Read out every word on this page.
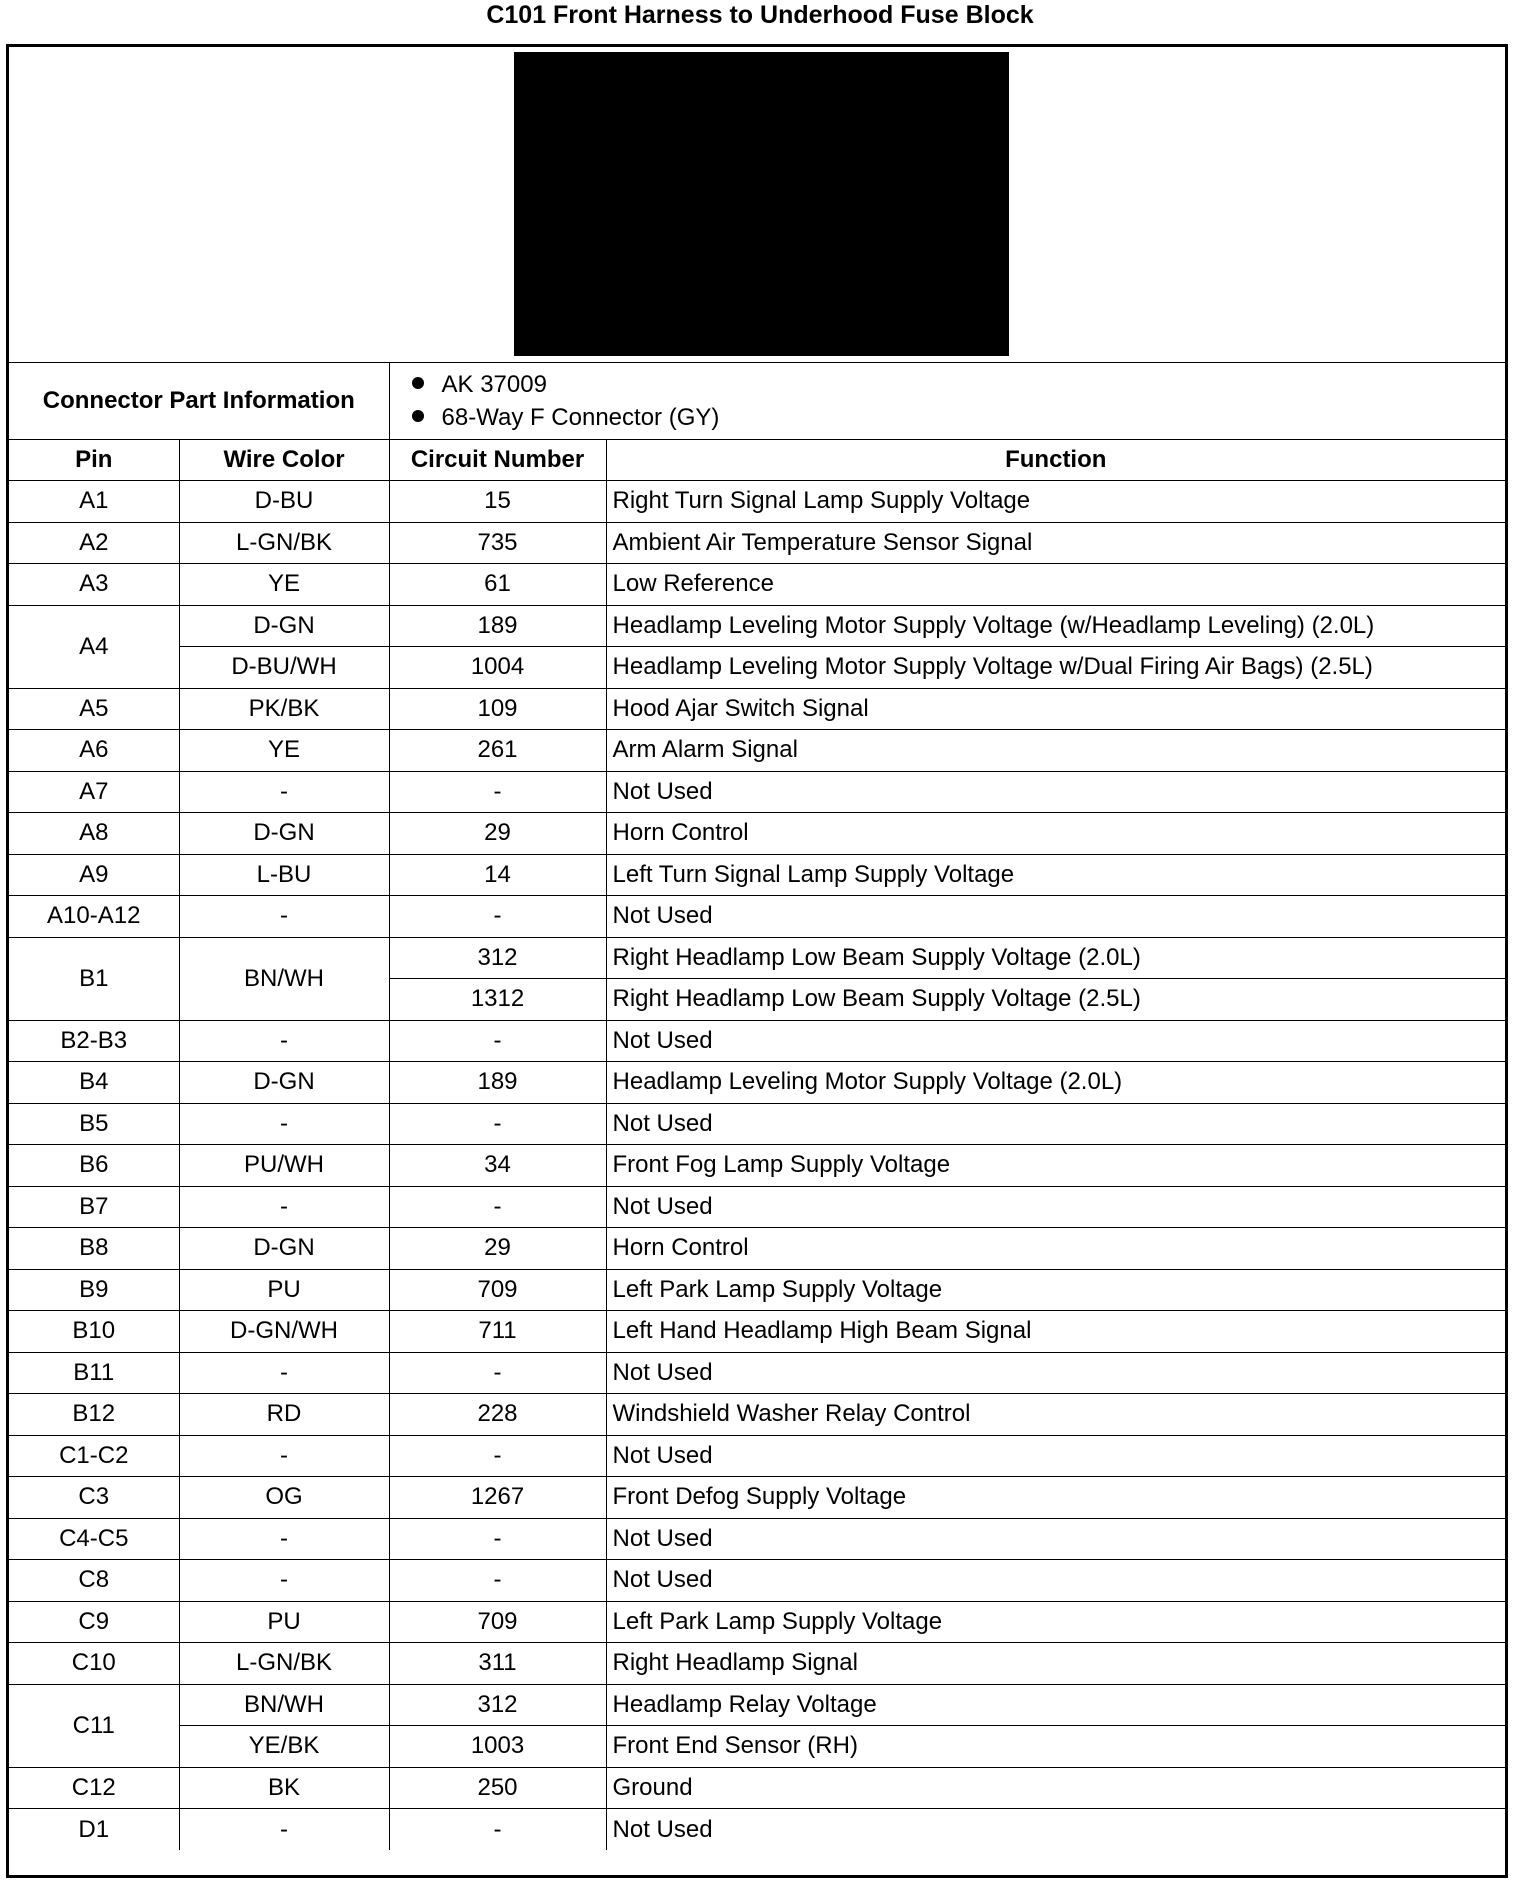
C101 Front Harness to Underhood Fuse Block
Connector Part Information		AK 37009
68-Way F Connector (GY)	

Pin	Wire Color	Circuit Number	Function
A1	D-BU	15	Right Turn Signal Lamp Supply Voltage
A2	L-GN/BK	735	Ambient Air Temperature Sensor Signal
A3	YE	61	Low Reference
A4	D-GN	189	Headlamp Leveling Motor Supply Voltage (w/Headlamp Leveling) (2.0L)
	D-BU/WH	1004	Headlamp Leveling Motor Supply Voltage w/Dual Firing Air Bags) (2.5L)
A5	PK/BK	109	Hood Ajar Switch Signal
A6	YE	261	Arm Alarm Signal
A7	-	-	Not Used
A8	D-GN	29	Horn Control
A9	L-BU	14	Left Turn Signal Lamp Supply Voltage
A10-A12	-	-	Not Used
B1	BN/WH	312	Right Headlamp Low Beam Supply Voltage (2.0L)
		1312	Right Headlamp Low Beam Supply Voltage (2.5L)
B2-B3	-	-	Not Used
B4	D-GN	189	Headlamp Leveling Motor Supply Voltage (2.0L)
B5	-	-	Not Used
B6	PU/WH	34	Front Fog Lamp Supply Voltage
B7	-	-	Not Used
B8	D-GN	29	Horn Control
B9	PU	709	Left Park Lamp Supply Voltage
B10	D-GN/WH	711	Left Hand Headlamp High Beam Signal
B11	-	-	Not Used
B12	RD	228	Windshield Washer Relay Control
C1-C2	-	-	Not Used
C3	OG	1267	Front Defog Supply Voltage
C4-C5	-	-	Not Used
C8	-	-	Not Used
C9	PU	709	Left Park Lamp Supply Voltage
C10	L-GN/BK	311	Right Headlamp Signal
C11	BN/WH	312	Headlamp Relay Voltage
	YE/BK	1003	Front End Sensor (RH)
C12	BK	250	Ground
D1	-	-	Not Used
